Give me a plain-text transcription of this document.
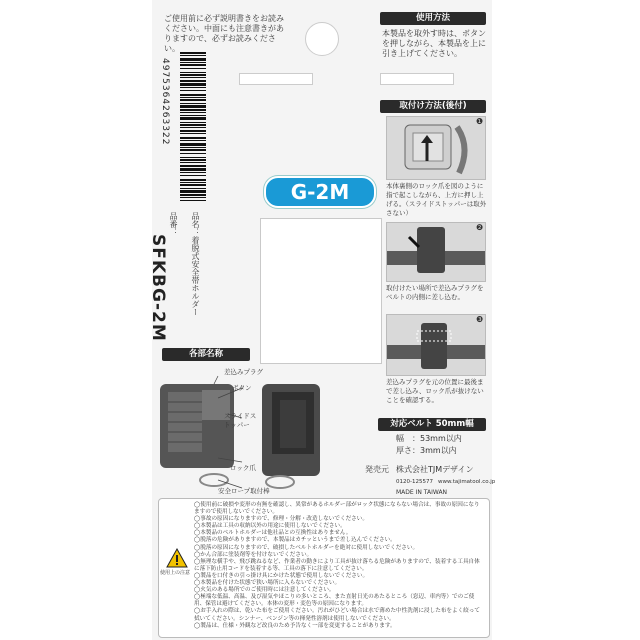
ご使用前に必ず説明書きをお読みください。中面にも注意書きがありますので、必ずお読みください。
4975364263322
品名：着脱式安全帯ホルダー
品番：
SFKBG-2M
G-2M
各部名称
差込みプラグ
ボタン
スライドストッパー
ロック爪
安全ロープ取付棒
使用方法
本製品を取外す時は、ボタンを押しながら、本製品を上に引き上げてください。
取付け方法(後付)
❶
本体裏側のロック爪を図のように指で起こしながら、上方に押し上げる。（スライドストッパーは取外さない）
❷
取付けたい場所で差込みプラグをベルトの内側に差し込む。
❸
差込みプラグを元の位置に最後まで差し込み、ロック爪が抜けないことを確認する。
対応ベルト 50mm幅
幅　：53mm以内
厚さ：3mm以内
発売元 株式会社TJMデザイン
0120-125577 www.tajimatool.co.jp
MADE IN TAIWAN
使用上の注意
◯使用前に破損や変形の有無を確認し、異常があるホルダー部がロック状態にならない場合は、事故の原因になりますので使用しないでください。
◯事故の原因になりますので、修理・分解・改造しないでください。
◯本製品は工具の収納以外の用途に使用しないでください。
◯本製品のベルトホルダーは他社品との互換性はありません。
◯脱落の危険がありますので、本製品はカチッというまで差し込んでください。
◯脱落の原因になりますので、破損したベルトホルダーを絶対に使用しないでください。
◯かん合部に塗装剤等を付けないでください。
◯無理な横手や、飛び跳ねるなど、作業者の動きにより工具が抜け落ちる危険がありますので、装着する工具自体に落下防止用コードを装着する等、工具の落下に注意してください。
◯製品を口付きの引っ掛け具にかけた状態で使用しないでください。
◯本製品を付けた状態で狭い場所に入らないでください。
◯火気のある場所でのご使用時には注意してください。
◯極端な低温、高温、及び湿気やほこりの多いところ、また直射日光のあたるところ（窓辺、車内等）でのご使用、保管は避けてください。本体の変形・変色等の原因になります。
◯お手入れの際は、乾いた布をご使用ください。汚れがひどい場合は水で薄めた中性洗剤に浸した布をよく絞って拭いてください。シンナー、ベンジン等の揮発性溶剤は使用しないでください。
◯製品は、仕様・外観など改良のため予告なく一部を変更することがあります。
